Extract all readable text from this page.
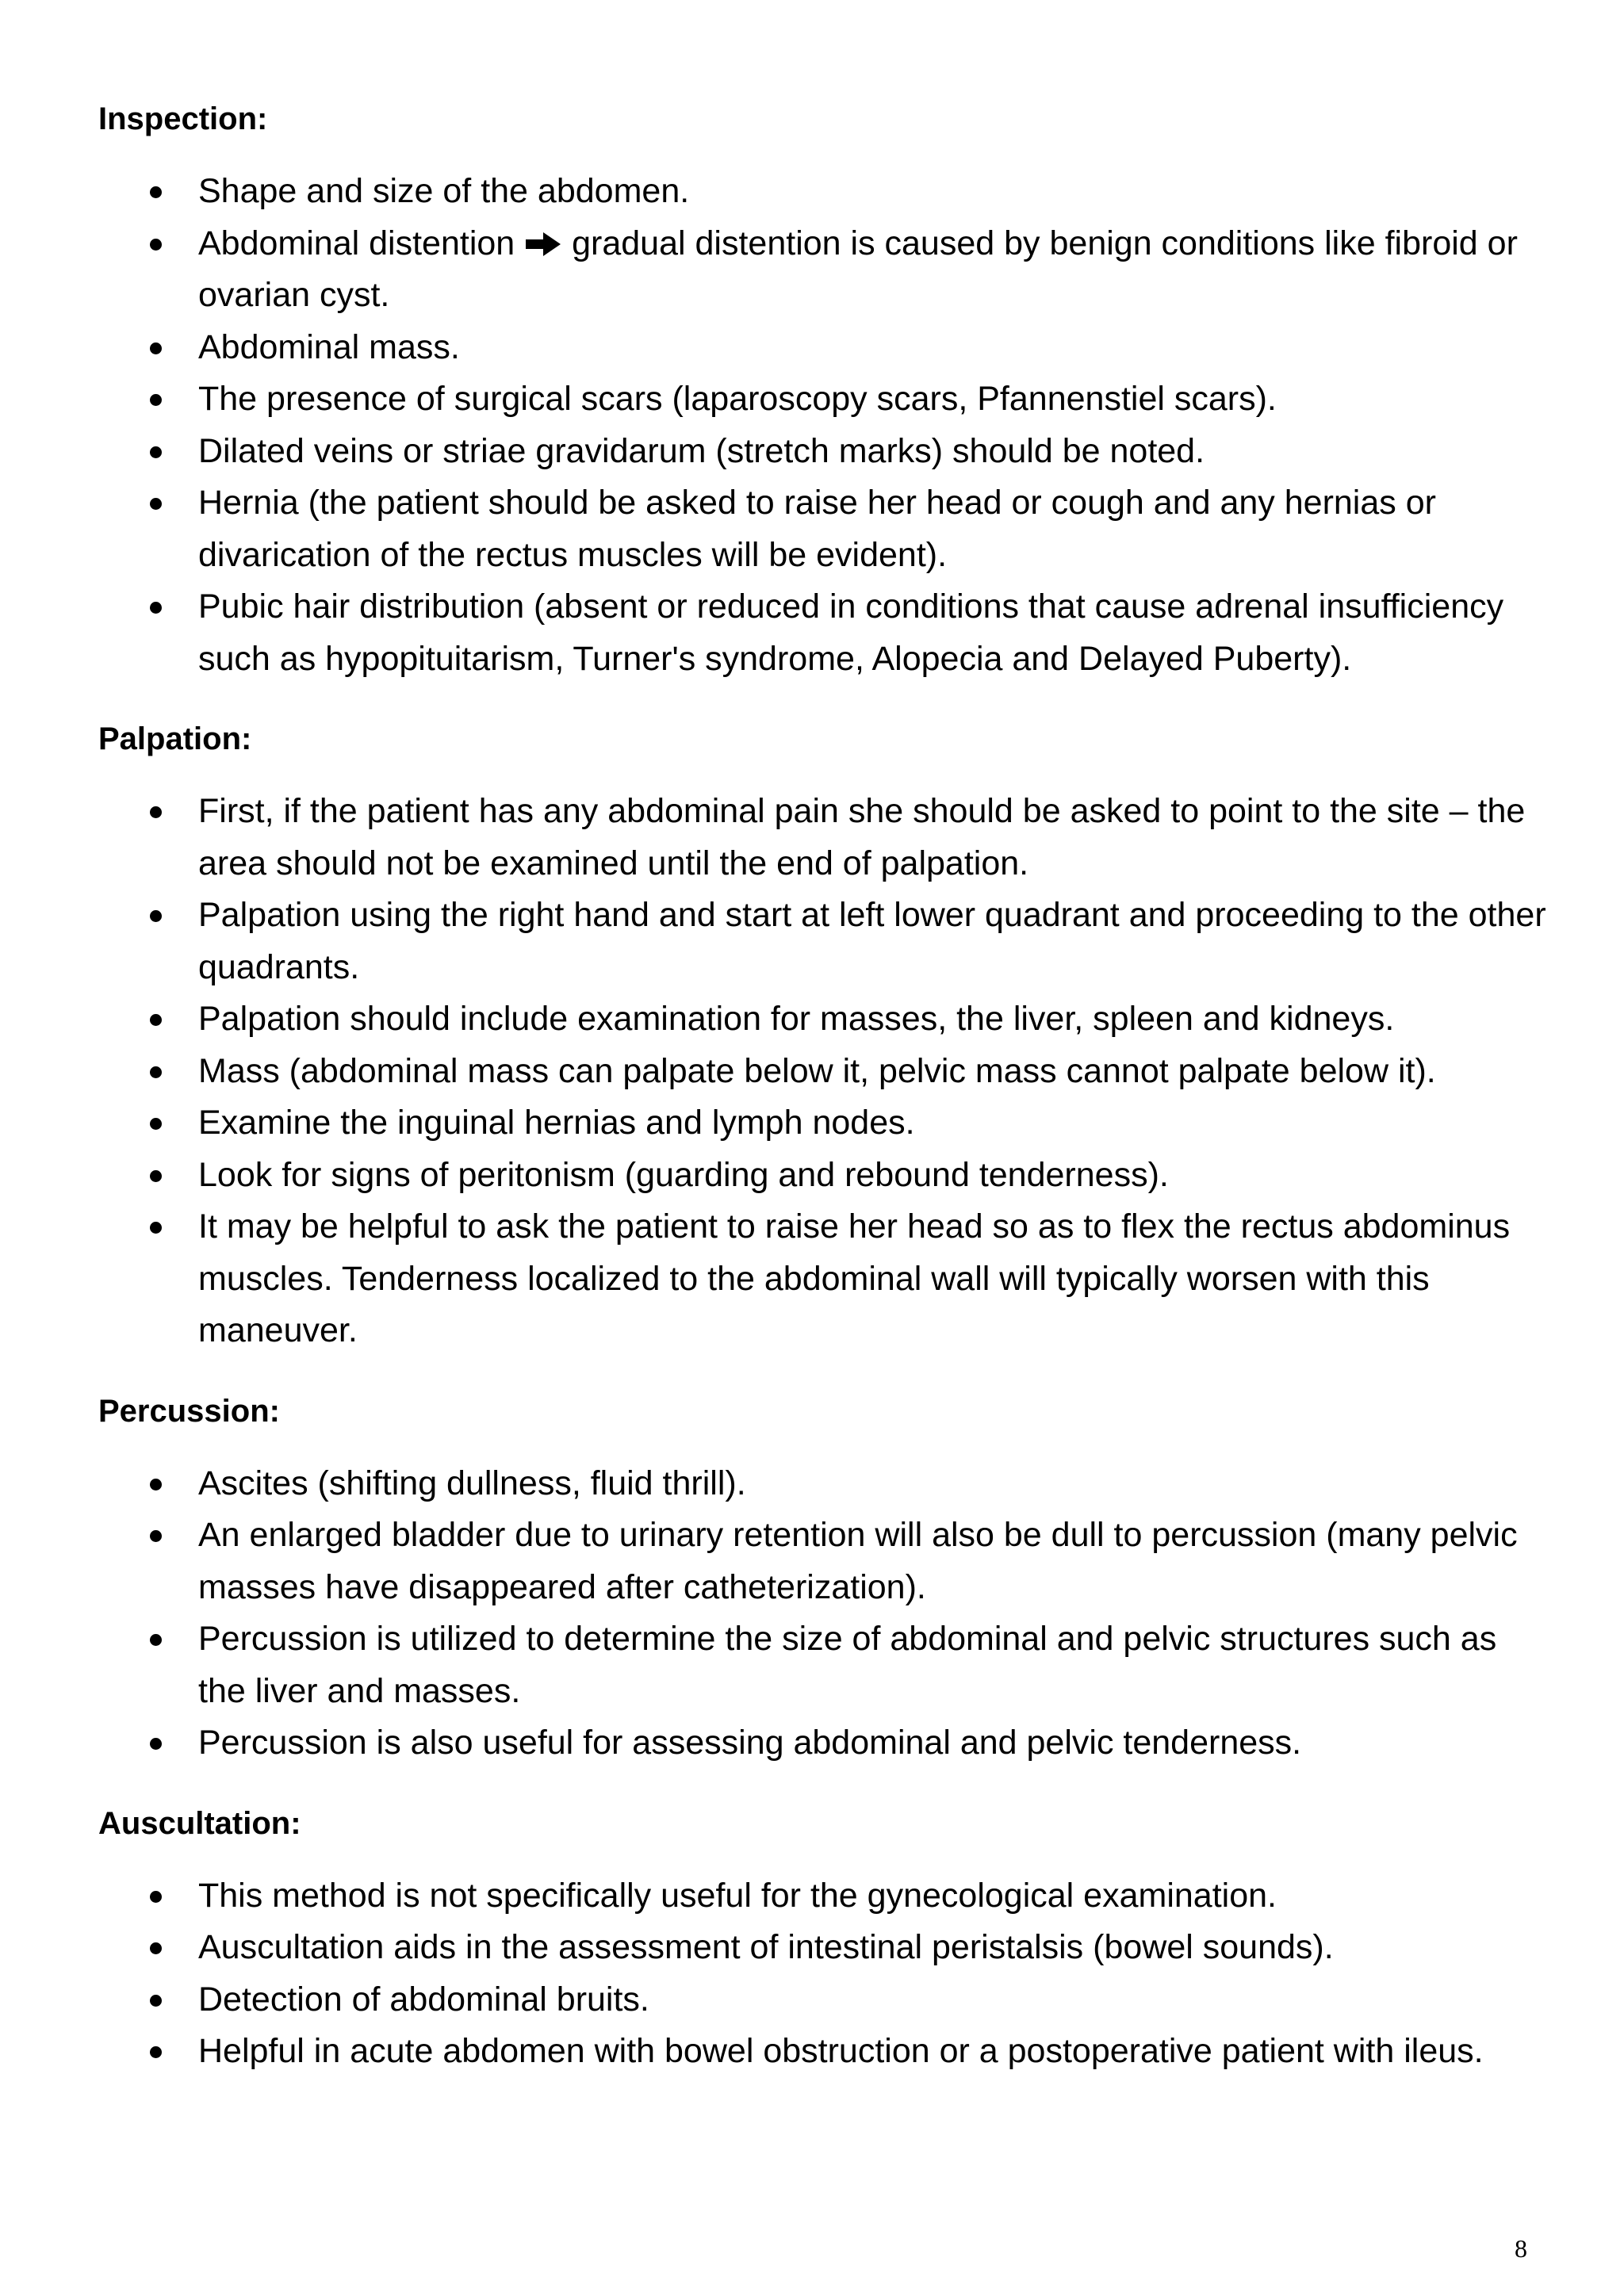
Inspection:

Shape and size of the abdomen.
Abdominal distention gradual distention is caused by benign conditions like fibroid or ovarian cyst.
Abdominal mass.
The presence of surgical scars (laparoscopy scars, Pfannenstiel scars).
Dilated veins or striae gravidarum (stretch marks) should be noted.
Hernia (the patient should be asked to raise her head or cough and any hernias or divarication of the rectus muscles will be evident).
Pubic hair distribution (absent or reduced in conditions that cause adrenal insufficiency such as hypopituitarism, Turner's syndrome, Alopecia and Delayed Puberty).

Palpation:

First, if the patient has any abdominal pain she should be asked to point to the site – the area should not be examined until the end of palpation.
Palpation using the right hand and start at left lower quadrant and proceeding to the other quadrants.
Palpation should include examination for masses, the liver, spleen and kidneys.
Mass (abdominal mass can palpate below it, pelvic mass cannot palpate below it).
Examine the inguinal hernias and lymph nodes.
Look for signs of peritonism (guarding and rebound tenderness).
It may be helpful to ask the patient to raise her head so as to flex the rectus abdominus muscles. Tenderness localized to the abdominal wall will typically worsen with this maneuver.

Percussion:

Ascites (shifting dullness, fluid thrill).
An enlarged bladder due to urinary retention will also be dull to percussion (many pelvic masses have disappeared after catheterization).
Percussion is utilized to determine the size of abdominal and pelvic structures such as the liver and masses.
Percussion is also useful for assessing abdominal and pelvic tenderness.

Auscultation:

This method is not specifically useful for the gynecological examination.
Auscultation aids in the assessment of intestinal peristalsis (bowel sounds).
Detection of abdominal bruits.
Helpful in acute abdomen with bowel obstruction or a postoperative patient with ileus.
8
